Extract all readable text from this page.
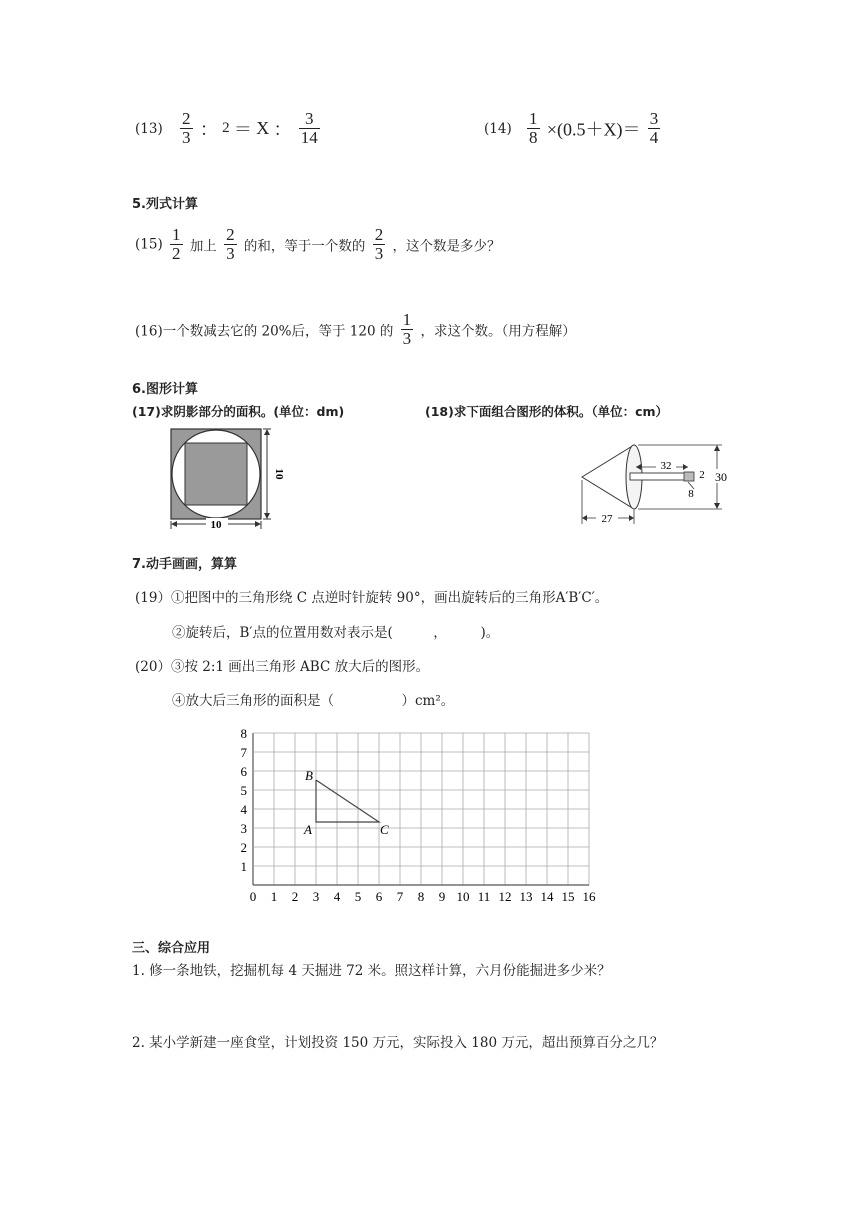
$(13) \frac{2}{3}$ ： 2 ＝ X ： $\frac{3}{14}$	$(14) \frac{1}{8} \times(0.5+X)= \frac{3}{4}$
5.列式计算
$(15) \frac{1}{2}$ 加上 $\frac{2}{3}$ 的和，等于一个数的 $\frac{2}{3}$ ，这个数是多少？
(16)一个数减去它的 20%后，等于 120 的 $\frac{1}{3}$ ，求这个数。（用方程解）
6.图形计算
(17)求阴影部分的面积。(单位：dm)	(18)求下面组合图形的体积。（单位：cm）
10
10
32
2
8
30
27
7.动手画画，算算
(19）①把图中的三角形绕 C 点逆时针旋转 90°，画出旋转后的三角形A′B′C′。
②旋转后，B′点的位置用数对表示是(　　　，　　　)。
(20）③按 2:1 画出三角形 ABC 放大后的图形。
④放大后三角形的面积是（　　　　　）cm²。
0 1 2 3 4 5 6 7 8 9 10 11 12 13 14 15 16
1
2
3
4
5
6
7
8
B
A	C
三、综合应用
1. 修一条地铁，挖掘机每 4 天掘进 72 米。照这样计算，六月份能掘进多少米？
2. 某小学新建一座食堂，计划投资 150 万元，实际投入 180 万元，超出预算百分之几？
